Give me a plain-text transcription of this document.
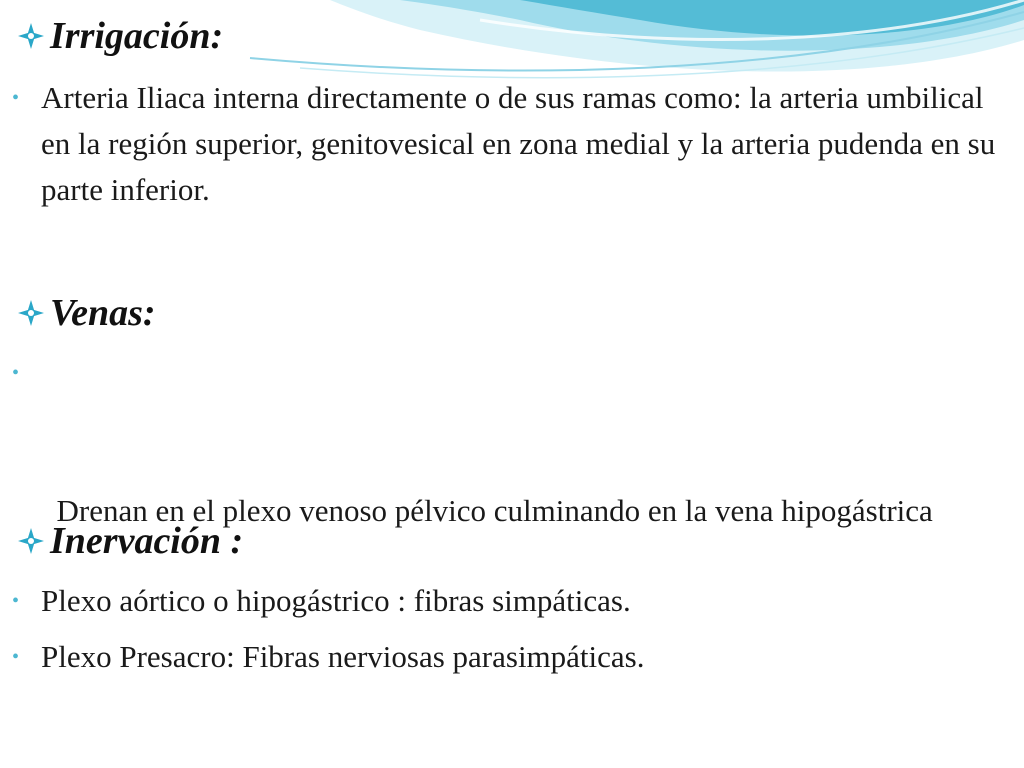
Irrigación:
• Arteria Iliaca interna directamente o de sus ramas como: la arteria umbilical en la región superior, genitovesical en zona medial y la arteria pudenda en su parte inferior.
Venas:

•

Drenan en el plexo venoso pélvico culminando en la vena hipogástrica

Inervación :
• Plexo aórtico o hipogástrico : fibras simpáticas.
• Plexo Presacro: Fibras nerviosas parasimpáticas.
